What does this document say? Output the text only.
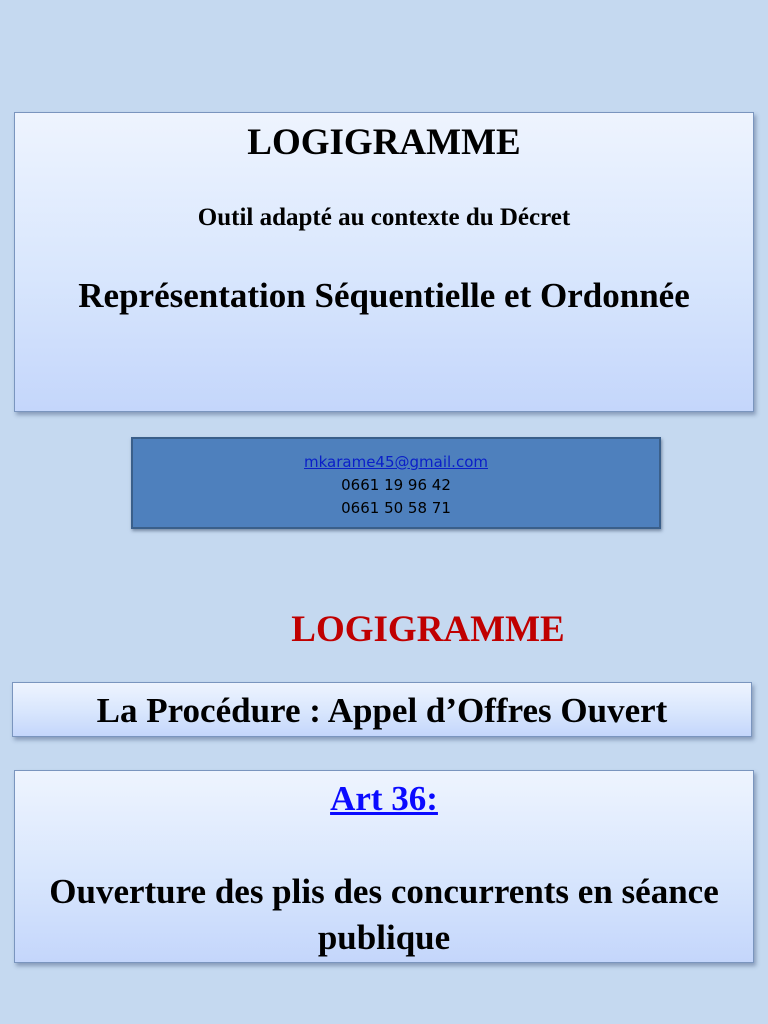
LOGIGRAMME
Outil adapté au contexte du Décret
Représentation Séquentielle et Ordonnée
mkarame45@gmail.com
0661 19 96 42
0661 50 58 71
LOGIGRAMME
La Procédure : Appel d’Offres Ouvert
Art 36:
Ouverture des plis des concurrents en séance publique
